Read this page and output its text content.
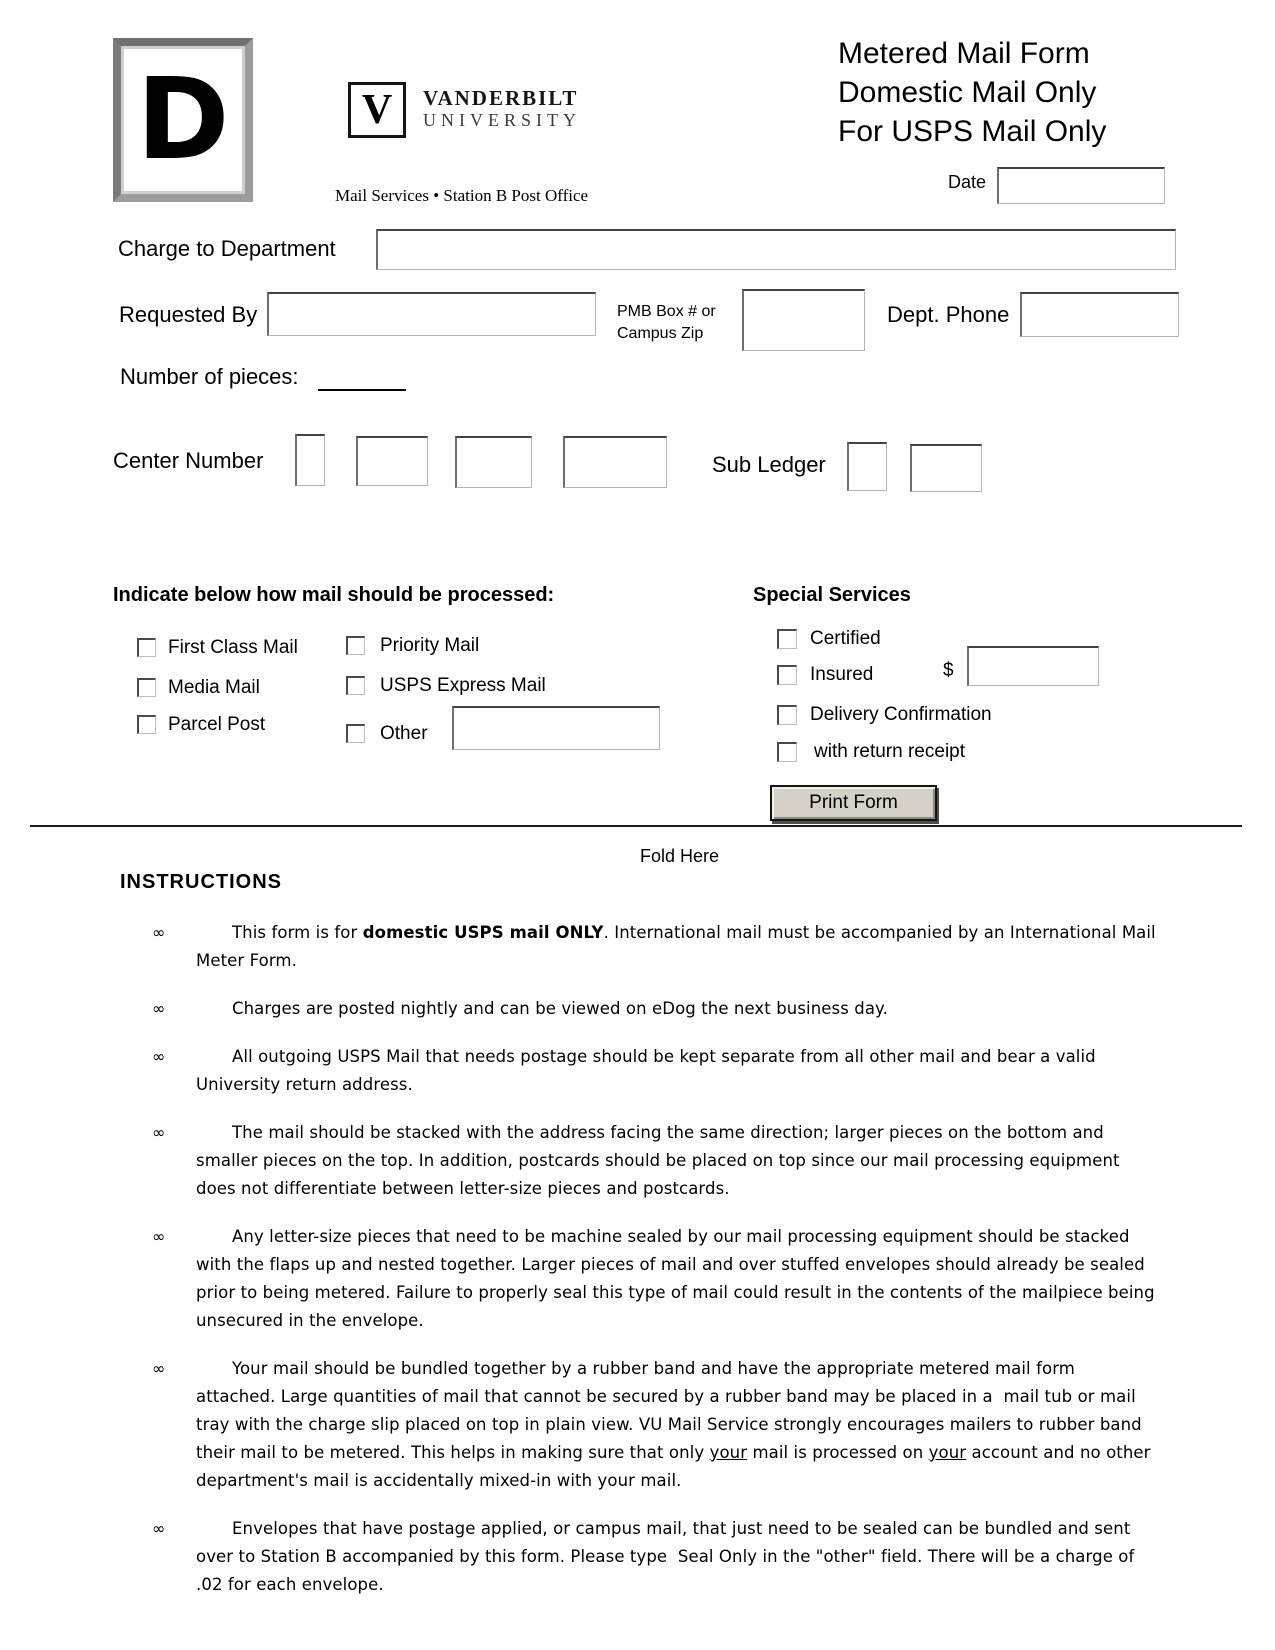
D	V VANDERBILT
UNIVERSITY
Mail Services • Station B Post Office
Metered Mail Form
Domestic Mail Only
For USPS Mail Only
Date
Charge to Department
Requested By	PMB Box # or
Campus Zip
Dept. Phone
Number of pieces:
Center Number	Sub Ledger
Indicate below how mail should be processed:
First Class Mail
Media Mail
Parcel Post
Priority Mail
USPS Express Mail
Other
Special Services
Certified
Insured
Delivery Confirmation
with return receipt
$
Print Form
Fold Here
INSTRUCTIONS
∞	This form is for domestic USPS mail ONLY. International mail must be accompanied by an International Mail Meter Form.

∞	Charges are posted nightly and can be viewed on eDog the next business day.

∞	All outgoing USPS Mail that needs postage should be kept separate from all other mail and bear a valid University return address.

∞	The mail should be stacked with the address facing the same direction; larger pieces on the bottom and smaller pieces on the top. In addition, postcards should be placed on top since our mail processing equipment does not differentiate between letter-size pieces and postcards.

∞	Any letter-size pieces that need to be machine sealed by our mail processing equipment should be stacked with the flaps up and nested together. Larger pieces of mail and over stuffed envelopes should already be sealed prior to being metered. Failure to properly seal this type of mail could result in the contents of the mailpiece being unsecured in the envelope.

∞	Your mail should be bundled together by a rubber band and have the appropriate metered mail form attached. Large quantities of mail that cannot be secured by a rubber band may be placed in a  mail tub or mail tray with the charge slip placed on top in plain view. VU Mail Service strongly encourages mailers to rubber band their mail to be metered. This helps in making sure that only your mail is processed on your account and no other department's mail is accidentally mixed-in with your mail.

∞	Envelopes that have postage applied, or campus mail, that just need to be sealed can be bundled and sent over to Station B accompanied by this form. Please type  Seal Only in the "other" field. There will be a charge of .02 for each envelope.
